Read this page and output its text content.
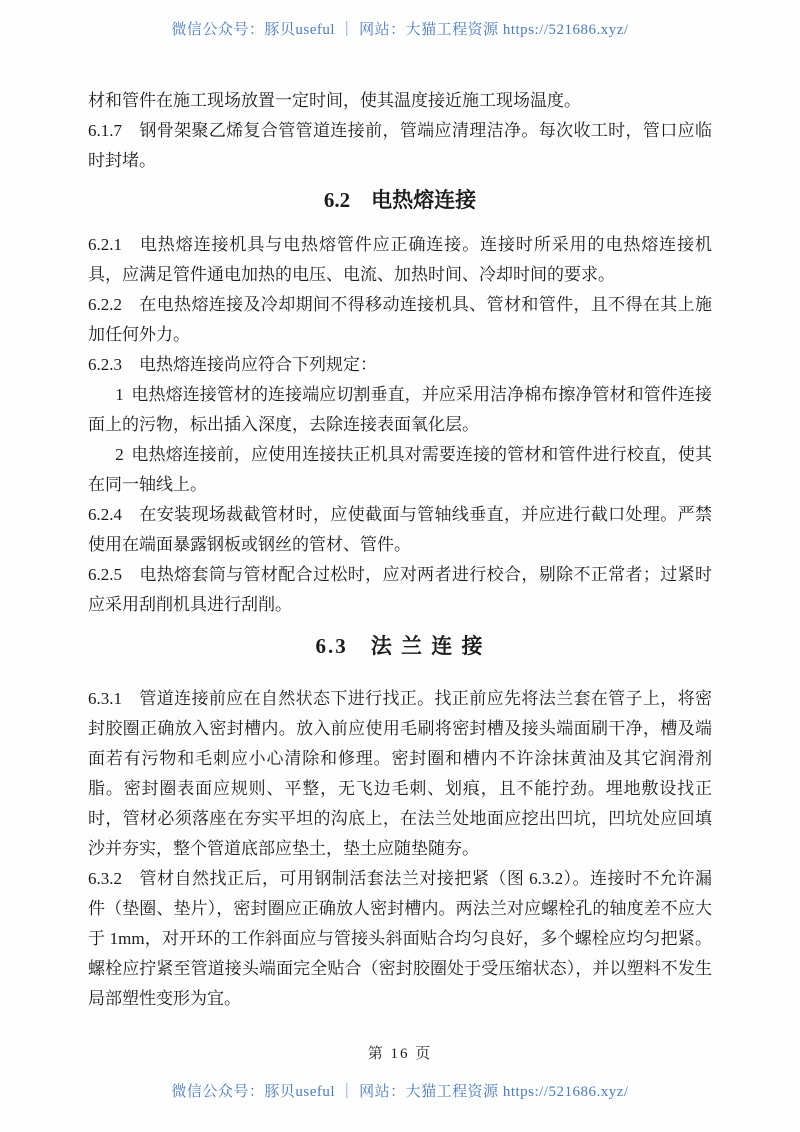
微信公众号：豚贝useful ｜ 网站：大猫工程资源 https://521686.xyz/

材和管件在施工现场放置一定时间，使其温度接近施工现场温度。

6.1.7 钢骨架聚乙烯复合管管道连接前，管端应清理洁净。每次收工时，管口应临时封堵。

6.2　电热熔连接

6.2.1 电热熔连接机具与电热熔管件应正确连接。连接时所采用的电热熔连接机具，应满足管件通电加热的电压、电流、加热时间、冷却时间的要求。

6.2.2 在电热熔连接及冷却期间不得移动连接机具、管材和管件，且不得在其上施加任何外力。

6.2.3 电热熔连接尚应符合下列规定：

1 电热熔连接管材的连接端应切割垂直，并应采用洁净棉布擦净管材和管件连接面上的污物，标出插入深度，去除连接表面氧化层。

2 电热熔连接前，应使用连接扶正机具对需要连接的管材和管件进行校直，使其在同一轴线上。

6.2.4 在安装现场裁截管材时，应使截面与管轴线垂直，并应进行截口处理。严禁使用在端面暴露钢板或钢丝的管材、管件。

6.2.5 电热熔套筒与管材配合过松时，应对两者进行校合，剔除不正常者；过紧时应采用刮削机具进行刮削。

6.3　法 兰 连 接

6.3.1 管道连接前应在自然状态下进行找正。找正前应先将法兰套在管子上，将密封胶圈正确放入密封槽内。放入前应使用毛刷将密封槽及接头端面刷干净，槽及端面若有污物和毛刺应小心清除和修理。密封圈和槽内不许涂抹黄油及其它润滑剂脂。密封圈表面应规则、平整，无飞边毛刺、划痕，且不能拧劲。埋地敷设找正时，管材必须落座在夯实平坦的沟底上，在法兰处地面应挖出凹坑，凹坑处应回填沙并夯实，整个管道底部应垫土，垫土应随垫随夯。

6.3.2 管材自然找正后，可用钢制活套法兰对接把紧（图 6.3.2）。连接时不允许漏件（垫圈、垫片），密封圈应正确放人密封槽内。两法兰对应螺栓孔的轴度差不应大于 1mm，对开环的工作斜面应与管接头斜面贴合均匀良好，多个螺栓应均匀把紧。螺栓应拧紧至管道接头端面完全贴合（密封胶圈处于受压缩状态），并以塑料不发生局部塑性变形为宜。

第 16 页
微信公众号：豚贝useful ｜ 网站：大猫工程资源 https://521686.xyz/
